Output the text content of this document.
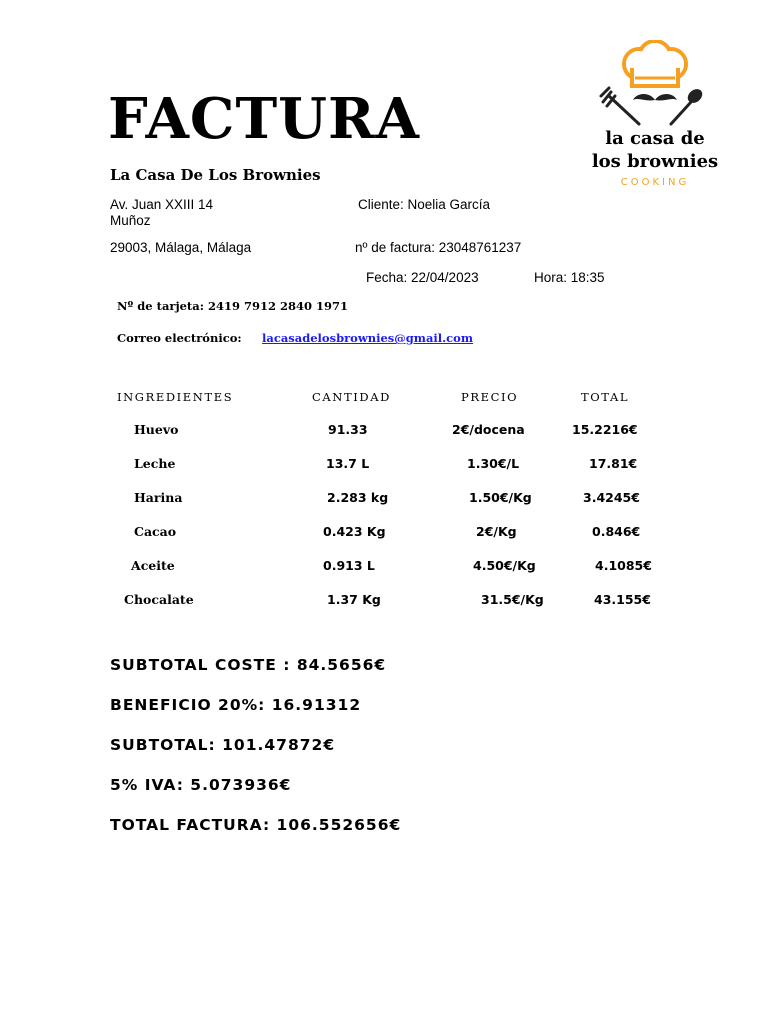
FACTURA
La Casa De Los Brownies
la casa de
los brownies
COOKING
Av. Juan XXIII 14
Muñoz
29003, Málaga, Málaga
Cliente: Noelia García
nº de factura: 23048761237
Fecha: 22/04/2023	Hora: 18:35
Nº de tarjeta: 2419 7912 2840 1971
Correo electrónico: lacasadelosbrownies@gmail.com
INGREDIENTES	CANTIDAD	PRECIO	TOTAL
Huevo	91.33	2€/docena	15.2216€
Leche	13.7 L	1.30€/L	17.81€
Harina	2.283 kg	1.50€/Kg	3.4245€
Cacao	0.423 Kg	2€/Kg	0.846€
Aceite	0.913 L	4.50€/Kg	4.1085€
Chocalate	1.37 Kg	31.5€/Kg	43.155€
SUBTOTAL COSTE : 84.5656€
BENEFICIO 20%: 16.91312
SUBTOTAL: 101.47872€
5% IVA: 5.073936€
TOTAL FACTURA: 106.552656€
